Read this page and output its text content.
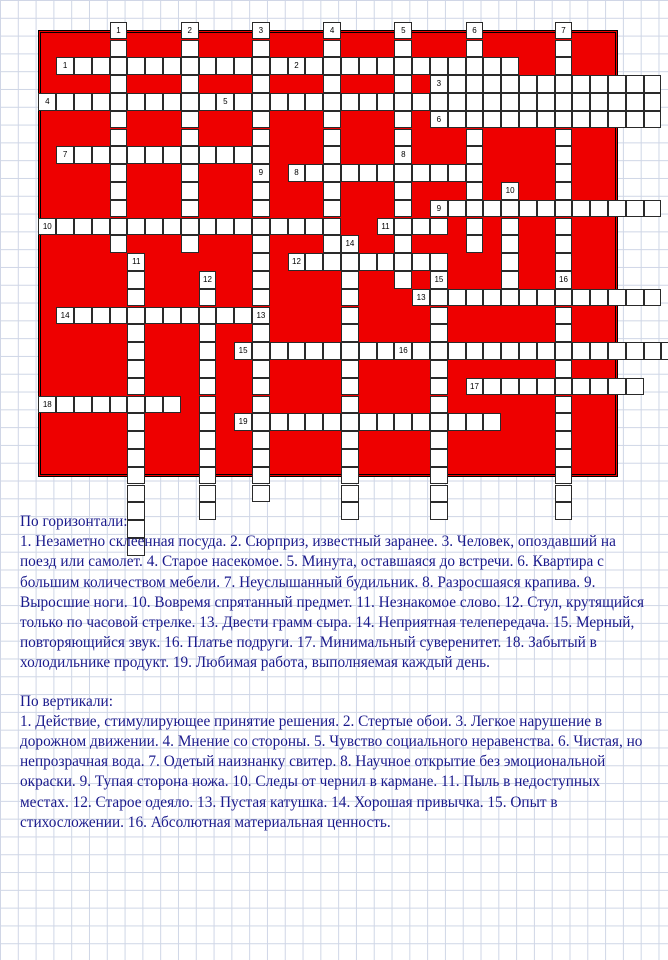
1	2
3
4	5
6
7
8
9
10	11
12
13
14
15	16
17
18
19
1	2	3	4	5	6	7
8
9
10
11
12
13
14
15	16

По горизонтали:

1. Незаметно склеенная посуда. 2. Сюрприз, известный заранее. 3. Человек, опоздавший на поезд или самолет. 4. Старое насекомое. 5. Минута, оставшаяся до встречи. 6. Квартира с большим количеством мебели. 7. Неуслышанный будильник. 8. Разросшаяся крапива. 9. Выросшие ноги. 10. Вовремя спрятанный предмет. 11. Незнакомое слово. 12. Стул, крутящийся только по часовой стрелке. 13. Двести грамм сыра. 14. Неприятная телепередача. 15. Мерный, повторяющийся звук. 16. Платье подруги. 17. Минимальный суверенитет. 18. Забытый в холодильнике продукт. 19. Любимая работа, выполняемая каждый день.

По вертикали:

1. Действие, стимулирующее принятие решения. 2. Стертые обои. 3. Легкое нарушение в дорожном движении. 4. Мнение со стороны. 5. Чувство социального неравенства. 6. Чистая, но непрозрачная вода. 7. Одетый наизнанку свитер. 8. Научное открытие без эмоциональной окраски. 9. Тупая сторона ножа. 10. Следы от чернил в кармане. 11. Пыль в недоступных местах. 12. Старое одеяло. 13. Пустая катушка. 14. Хорошая привычка. 15. Опыт в стихосложении. 16. Абсолютная материальная ценность.
